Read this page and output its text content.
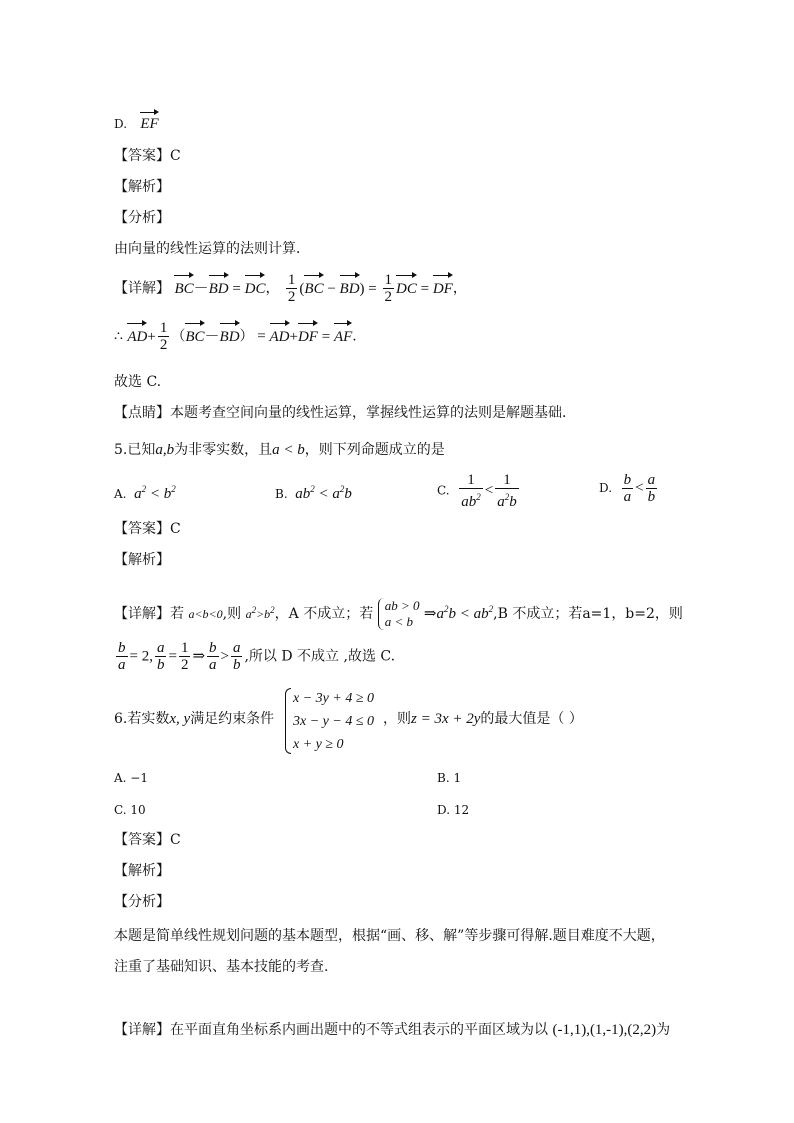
D. EF
【答案】C
【解析】
【分析】
由向量的线性运算的法则计算．
【详解】 BC－BD = DC， $\frac{1}{2} (BC - BD) = \frac{1}{2}$ DC = DF，
∴ $AD+ \frac{1}{2} (BC-BD) = AD+DF$ = AF.
故选 C.
【点睛】本题考查空间向量的线性运算，掌握线性运算的法则是解题基础．
5.已知a,b为非零实数，且a < b，则下列命题成立的是
A. $a^2 < b^2$	B. $ab^2 < a^2b$	C. $\frac{1}{ab^2} < \frac{1}{a^2b}$	D. $\frac{b}{a} < \frac{a}{b}$
【答案】C
【解析】
【详解】若 a<b<0,则 $a^2>b^2$，A 不成立；若 ab > 0
a < b $\Rightarrow a^2b < ab^2,B$ 不成立；若a=1，b=2，则
$\frac{b}{a} = 2$, $\frac{a}{b} = \frac{1}{2}$ ⇒ $\frac{b}{a} > \frac{a}{b}$ ,所以 D 不成立 ,故选 C.
6.若实数x, y满足约束条件
x − 3y + 4 ≥ 0
3x − y − 4 ≤ 0
x + y ≥ 0
，则z = 3x + 2y的最大值是（ ）
A. −1	B. 1
C. 10	D. 12
【答案】C
【解析】
【分析】
本题是简单线性规划问题的基本题型，根据“画、移、解”等步骤可得解.题目难度不大题，
注重了基础知识、基本技能的考查.
【详解】在平面直角坐标系内画出题中的不等式组表示的平面区域为以 (-1,1),(1,-1),(2,2)为
